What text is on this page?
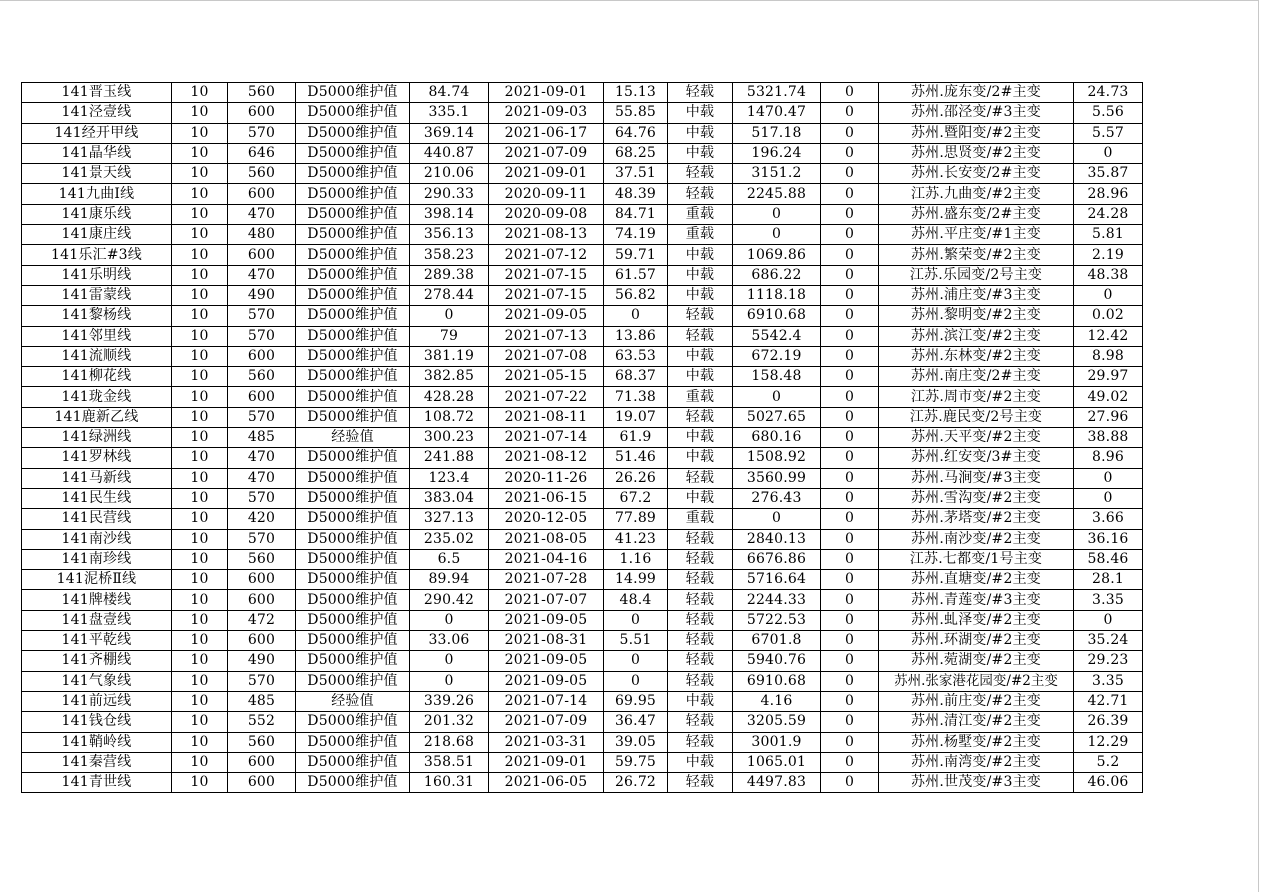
141晋玉线	10	560	D5000维护值	84.74	2021-09-01	15.13	轻载	5321.74	0	苏州.庞东变/2#主变	24.73
141泾壹线	10	600	D5000维护值	335.1	2021-09-03	55.85	中载	1470.47	0	苏州.邵泾变/#3主变	5.56
141经开甲线	10	570	D5000维护值	369.14	2021-06-17	64.76	中载	517.18	0	苏州.暨阳变/#2主变	5.57
141晶华线	10	646	D5000维护值	440.87	2021-07-09	68.25	中载	196.24	0	苏州.思贤变/#2主变	0
141景天线	10	560	D5000维护值	210.06	2021-09-01	37.51	轻载	3151.2	0	苏州.长安变/2#主变	35.87
141九曲Ⅰ线	10	600	D5000维护值	290.33	2020-09-11	48.39	轻载	2245.88	0	江苏.九曲变/#2主变	28.96
141康乐线	10	470	D5000维护值	398.14	2020-09-08	84.71	重载	0	0	苏州.盛东变/2#主变	24.28
141康庄线	10	480	D5000维护值	356.13	2021-08-13	74.19	重载	0	0	苏州.平庄变/#1主变	5.81
141乐汇#3线	10	600	D5000维护值	358.23	2021-07-12	59.71	中载	1069.86	0	苏州.繁荣变/#2主变	2.19
141乐明线	10	470	D5000维护值	289.38	2021-07-15	61.57	中载	686.22	0	江苏.乐园变/2号主变	48.38
141雷蒙线	10	490	D5000维护值	278.44	2021-07-15	56.82	中载	1118.18	0	苏州.浦庄变/#3主变	0
141黎杨线	10	570	D5000维护值	0	2021-09-05	0	轻载	6910.68	0	苏州.黎明变/#2主变	0.02
141邻里线	10	570	D5000维护值	79	2021-07-13	13.86	轻载	5542.4	0	苏州.滨江变/#2主变	12.42
141流顺线	10	600	D5000维护值	381.19	2021-07-08	63.53	中载	672.19	0	苏州.东林变/#2主变	8.98
141柳花线	10	560	D5000维护值	382.85	2021-05-15	68.37	中载	158.48	0	苏州.南庄变/2#主变	29.97
141珑金线	10	600	D5000维护值	428.28	2021-07-22	71.38	重载	0	0	江苏.周市变/#2主变	49.02
141鹿新乙线	10	570	D5000维护值	108.72	2021-08-11	19.07	轻载	5027.65	0	江苏.鹿民变/2号主变	27.96
141绿洲线	10	485	经验值	300.23	2021-07-14	61.9	中载	680.16	0	苏州.天平变/#2主变	38.88
141罗林线	10	470	D5000维护值	241.88	2021-08-12	51.46	中载	1508.92	0	苏州.红安变/3#主变	8.96
141马新线	10	470	D5000维护值	123.4	2020-11-26	26.26	轻载	3560.99	0	苏州.马涧变/#3主变	0
141民生线	10	570	D5000维护值	383.04	2021-06-15	67.2	中载	276.43	0	苏州.雪沟变/#2主变	0
141民营线	10	420	D5000维护值	327.13	2020-12-05	77.89	重载	0	0	苏州.茅塔变/#2主变	3.66
141南沙线	10	570	D5000维护值	235.02	2021-08-05	41.23	轻载	2840.13	0	苏州.南沙变/#2主变	36.16
141南珍线	10	560	D5000维护值	6.5	2021-04-16	1.16	轻载	6676.86	0	江苏.七都变/1号主变	58.46
141泥桥Ⅱ线	10	600	D5000维护值	89.94	2021-07-28	14.99	轻载	5716.64	0	苏州.直塘变/#2主变	28.1
141牌楼线	10	600	D5000维护值	290.42	2021-07-07	48.4	轻载	2244.33	0	苏州.青莲变/#3主变	3.35
141盘壹线	10	472	D5000维护值	0	2021-09-05	0	轻载	5722.53	0	苏州.虬泽变/#2主变	0
141平乾线	10	600	D5000维护值	33.06	2021-08-31	5.51	轻载	6701.8	0	苏州.环湖变/#2主变	35.24
141齐棚线	10	490	D5000维护值	0	2021-09-05	0	轻载	5940.76	0	苏州.菀湖变/#2主变	29.23
141气象线	10	570	D5000维护值	0	2021-09-05	0	轻载	6910.68	0	苏州.张家港花园变/#2主变	3.35
141前远线	10	485	经验值	339.26	2021-07-14	69.95	中载	4.16	0	苏州.前庄变/#2主变	42.71
141钱仓线	10	552	D5000维护值	201.32	2021-07-09	36.47	轻载	3205.59	0	苏州.清江变/#2主变	26.39
141鞘岭线	10	560	D5000维护值	218.68	2021-03-31	39.05	轻载	3001.9	0	苏州.杨墅变/#2主变	12.29
141秦营线	10	600	D5000维护值	358.51	2021-09-01	59.75	中载	1065.01	0	苏州.南湾变/#2主变	5.2
141青世线	10	600	D5000维护值	160.31	2021-06-05	26.72	轻载	4497.83	0	苏州.世茂变/#3主变	46.06
